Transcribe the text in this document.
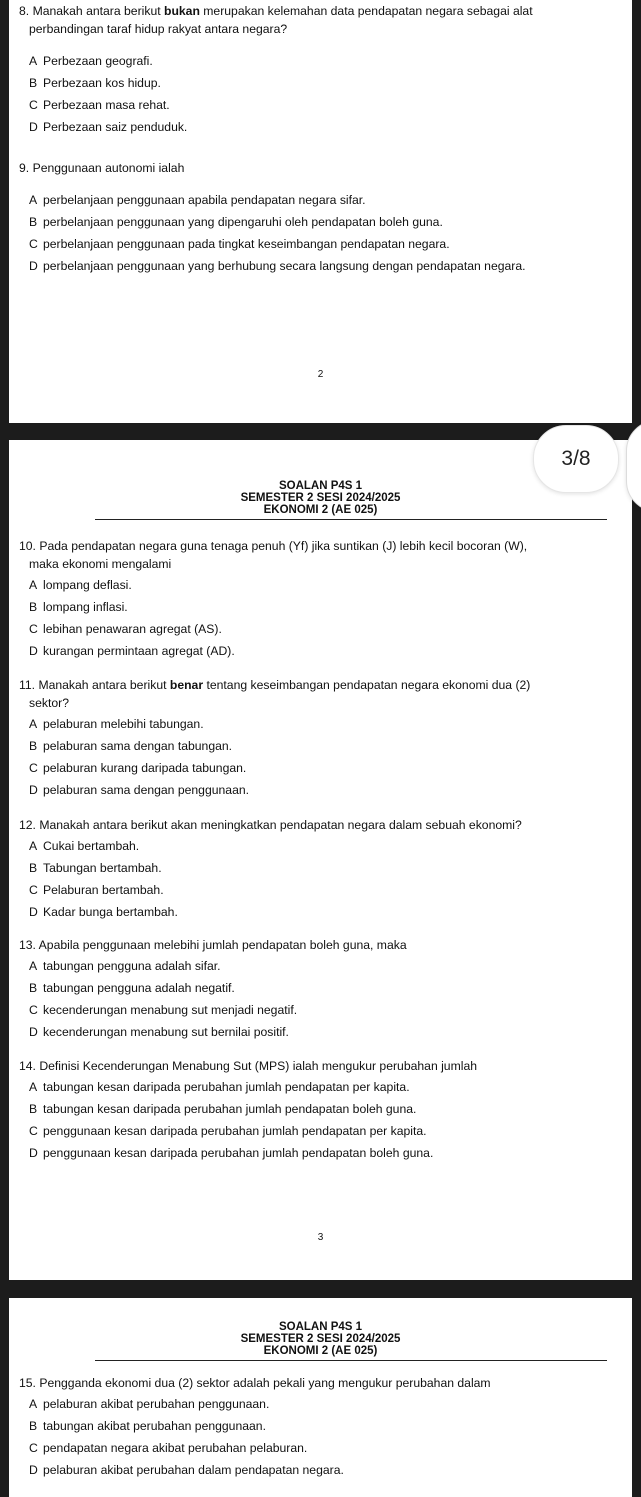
8. Manakah antara berikut bukan merupakan kelemahan data pendapatan negara sebagai alat
perbandingan taraf hidup rakyat antara negara?

A Perbezaan geografi.
B Perbezaan kos hidup.
C Perbezaan masa rehat.
D Perbezaan saiz penduduk.

9. Penggunaan autonomi ialah

A perbelanjaan penggunaan apabila pendapatan negara sifar.
B perbelanjaan penggunaan yang dipengaruhi oleh pendapatan boleh guna.
C perbelanjaan penggunaan pada tingkat keseimbangan pendapatan negara.
D perbelanjaan penggunaan yang berhubung secara langsung dengan pendapatan negara.
2
SOALAN P4S 1
SEMESTER 2 SESI 2024/2025
EKONOMI 2 (AE 025)

10. Pada pendapatan negara guna tenaga penuh (Yf) jika suntikan (J) lebih kecil bocoran (W),
maka ekonomi mengalami

A lompang deflasi.
B lompang inflasi.
C lebihan penawaran agregat (AS).
D kurangan permintaan agregat (AD).

11. Manakah antara berikut benar tentang keseimbangan pendapatan negara ekonomi dua (2)
sektor?

A pelaburan melebihi tabungan.
B pelaburan sama dengan tabungan.
C pelaburan kurang daripada tabungan.
D pelaburan sama dengan penggunaan.

12. Manakah antara berikut akan meningkatkan pendapatan negara dalam sebuah ekonomi?

A Cukai bertambah.
B Tabungan bertambah.
C Pelaburan bertambah.
D Kadar bunga bertambah.

13. Apabila penggunaan melebihi jumlah pendapatan boleh guna, maka

A tabungan pengguna adalah sifar.
B tabungan pengguna adalah negatif.
C kecenderungan menabung sut menjadi negatif.
D kecenderungan menabung sut bernilai positif.

14. Definisi Kecenderungan Menabung Sut (MPS) ialah mengukur perubahan jumlah

A tabungan kesan daripada perubahan jumlah pendapatan per kapita.
B tabungan kesan daripada perubahan jumlah pendapatan boleh guna.
C penggunaan kesan daripada perubahan jumlah pendapatan per kapita.
D penggunaan kesan daripada perubahan jumlah pendapatan boleh guna.
3
SOALAN P4S 1
SEMESTER 2 SESI 2024/2025
EKONOMI 2 (AE 025)

15. Pengganda ekonomi dua (2) sektor adalah pekali yang mengukur perubahan dalam

A pelaburan akibat perubahan penggunaan.
B tabungan akibat perubahan penggunaan.
C pendapatan negara akibat perubahan pelaburan.
D pelaburan akibat perubahan dalam pendapatan negara.
3/8
